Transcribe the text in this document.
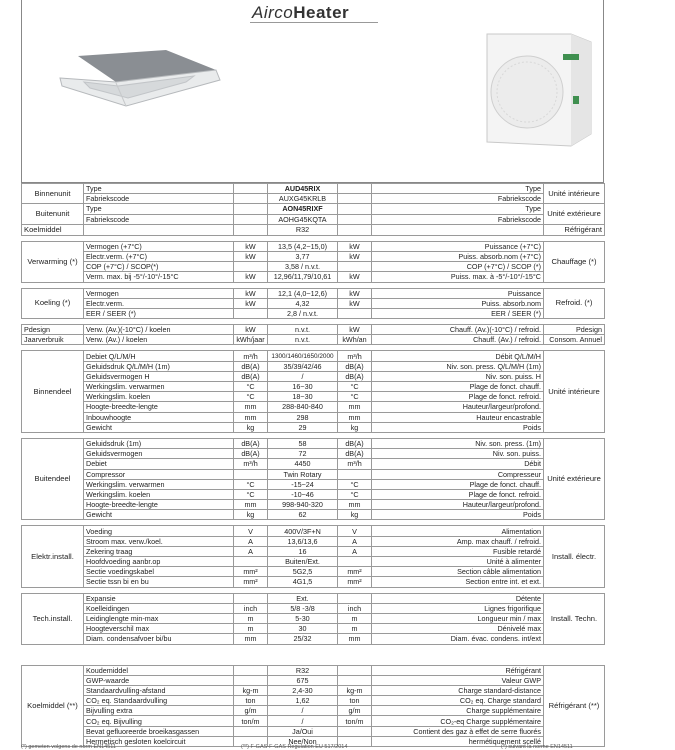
AircoHeater
Binnenunit	Type		AUD45RIX		Type	Unité intérieure
	Fabriekscode		AUXG45KRLB		Fabriekscode	
Buitenunit	Type		AON45RIXF		Type	Unité extérieure
	Fabriekscode		AOHG45KQTA		Fabriekscode	
Koelmiddel			R32			Réfrigérant

Verwarming (*)	Vermogen (+7°C)	kW	13,5 (4,2~15,0)	kW	Puissance (+7°C)	Chauffage (*)
	Electr.verm. (+7°C)	kW	3,77	kW	Puiss. absorb.nom (+7°C)	
	COP (+7°C) / SCOP(*)		3,58 / n.v.t.		COP (+7°C) / SCOP (*)	
	Verm. max. bij -5°/-10°/-15°C	kW	12,96/11,79/10,61	kW	Puiss. max. à -5°/-10°/-15°C	

Koeling (*)	Vermogen	kW	12,1 (4,0~12,6)	kW	Puissance	Refroid. (*)
	Electr.verm.	kW	4,32	kW	Puiss. absorb.nom	
	EER / SEER (*)		2,8 / n.v.t.		EER / SEER (*)	

Pdesign	Verw. (Av.)(-10°C) / koelen	kW	n.v.t.	kW	Chauff. (Av.)(-10°C) / refroid.	Pdesign
Jaarverbruik	Verw. (Av.) / koelen	kWh/jaar	n.v.t.	kWh/an	Chauff. (Av.) / refroid.	Consom. Annuel

Binnendeel	Debiet Q/L/M/H	m³/h	1300/1460/1650/2000	m³/h	Débit Q/L/M/H	Unité intérieure
	Geluidsdruk Q/L/M/H (1m)	dB(A)	35/39/42/46	dB(A)	Niv. son. press. Q/L/M/H (1m)	
	Geluidsvermogen H	dB(A)	/	dB(A)	Niv. son. puiss. H	
	Werkingslim. verwarmen	°C	16~30	°C	Plage de fonct. chauff.	
	Werkingslim. koelen	°C	18~30	°C	Plage de fonct. refroid.	
	Hoogte-breedte-lengte	mm	288-840-840	mm	Hauteur/largeur/profond.	
	Inbouwhoogte	mm	298	mm	Hauteur encastrable	
	Gewicht	kg	29	kg	Poids	

Buitendeel	Geluidsdruk (1m)	dB(A)	58	dB(A)	Niv. son. press. (1m)	Unité extérieure
	Geluidsvermogen	dB(A)	72	dB(A)	Niv. son. puiss.	
	Debiet	m³/h	4450	m³/h	Débit	
	Compressor		Twin Rotary		Compresseur	
	Werkingslim. verwarmen	°C	-15~24	°C	Plage de fonct. chauff.	
	Werkingslim. koelen	°C	-10~46	°C	Plage de fonct. refroid.	
	Hoogte-breedte-lengte	mm	998-940-320	mm	Hauteur/largeur/profond.	
	Gewicht	kg	62	kg	Poids	

Elektr.install.	Voeding	V	400V/3F+N	V	Alimentation	Install. électr.
	Stroom max. verw./koel.	A	13,6/13,6	A	Amp. max chauff. / refroid.	
	Zekering traag	A	16	A	Fusible retardé	
	Hoofdvoeding aanbr.op		Buiten/Ext.		Unité à alimenter	
	Sectie voedingskabel	mm²	5G2,5	mm²	Section câble alimentation	
	Sectie tssn bi en bu	mm²	4G1,5	mm²	Section entre int. et ext.	

Tech.install.	Expansie		Ext.		Détente	Install. Techn.
	Koelleidingen	inch	5/8 -3/8	inch	Lignes frigorifique	
	Leidinglengte min-max	m	5-30	m	Longueur min / max	
	Hoogteverschil max	m	30	m	Dénivelé max	
	Diam. condensafvoer bi/bu	mm	25/32	mm	Diam. évac. condens. int/ext	

Koelmiddel (**)	Koudemiddel		R32		Réfrigérant	Réfrigérant (**)
	GWP-waarde		675		Valeur GWP	
	Standaardvulling-afstand	kg-m	2,4-30	kg-m	Charge standard-distance	
	CO₂ eq. Standaardvulling	ton	1,62	ton	CO₂ eq. Charge standard	
	Bijvulling extra	g/m	/	g/m	Charge supplémentaire	
	CO₂ eq. Bijvulling	ton/m	/	ton/m	CO₂-eq Charge supplémentaire	
	Bevat gefluoreerde broeikasgassen		Ja/Oui		Contient des gaz à effet de serre fluorés	
	Hermetisch gesloten koelcircuit		Nee/Non		hermétiquement scellé	
(*) gemeten volgens de norm EN14511	(**) F-GAS-F-GAS Regulation EU 517/2014	(*) suivant la norme EN14511
